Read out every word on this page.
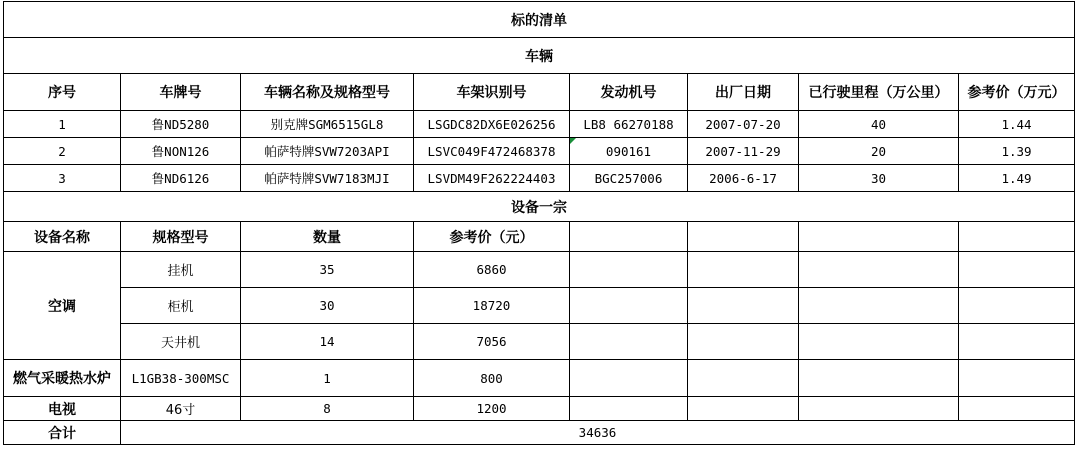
标的清单							
车辆							
序号	车牌号	车辆名称及规格型号	车架识别号	发动机号	出厂日期	已行驶里程（万公里）	参考价（万元）
1	鲁ND5280	别克牌SGM6515GL8	LSGDC82DX6E026256	LB8 66270188	2007-07-20	40	1.44
2	鲁NON126	帕萨特牌SVW7203API	LSVC049F472468378	090161	2007-11-29	20	1.39
3	鲁ND6126	帕萨特牌SVW7183MJI	LSVDM49F262224403	BGC257006	2006-6-17	30	1.49
设备一宗							
设备名称	规格型号	数量	参考价（元）				
空调	挂机	35	6860				
	柜机	30	18720				
	天井机	14	7056				
燃气采暖热水炉	L1GB38-300MSC	1	800				
电视	46寸	8	1200				
合计	34636						
